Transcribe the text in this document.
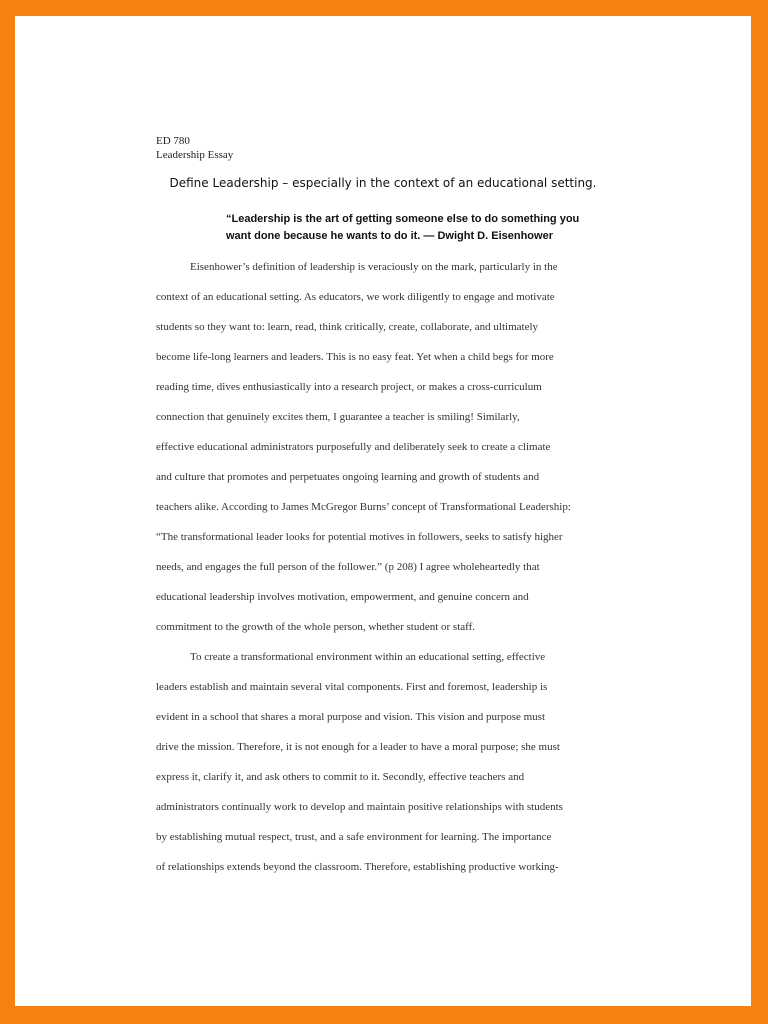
ED 780
Leadership Essay
Define Leadership – especially in the context of an educational setting.
“Leadership is the art of getting someone else to do something you
want done because he wants to do it. — Dwight D. Eisenhower
Eisenhower’s definition of leadership is veraciously on the mark, particularly in the
context of an educational setting. As educators, we work diligently to engage and motivate
students so they want to: learn, read, think critically, create, collaborate, and ultimately
become life-long learners and leaders. This is no easy feat. Yet when a child begs for more
reading time, dives enthusiastically into a research project, or makes a cross-curriculum
connection that genuinely excites them, I guarantee a teacher is smiling! Similarly,
effective educational administrators purposefully and deliberately seek to create a climate
and culture that promotes and perpetuates ongoing learning and growth of students and
teachers alike. According to James McGregor Burns’ concept of Transformational Leadership:
“The transformational leader looks for potential motives in followers, seeks to satisfy higher
needs, and engages the full person of the follower.” (p 208) I agree wholeheartedly that
educational leadership involves motivation, empowerment, and genuine concern and
commitment to the growth of the whole person, whether student or staff.
To create a transformational environment within an educational setting, effective
leaders establish and maintain several vital components. First and foremost, leadership is
evident in a school that shares a moral purpose and vision. This vision and purpose must
drive the mission. Therefore, it is not enough for a leader to have a moral purpose; she must
express it, clarify it, and ask others to commit to it. Secondly, effective teachers and
administrators continually work to develop and maintain positive relationships with students
by establishing mutual respect, trust, and a safe environment for learning. The importance
of relationships extends beyond the classroom. Therefore, establishing productive working-
